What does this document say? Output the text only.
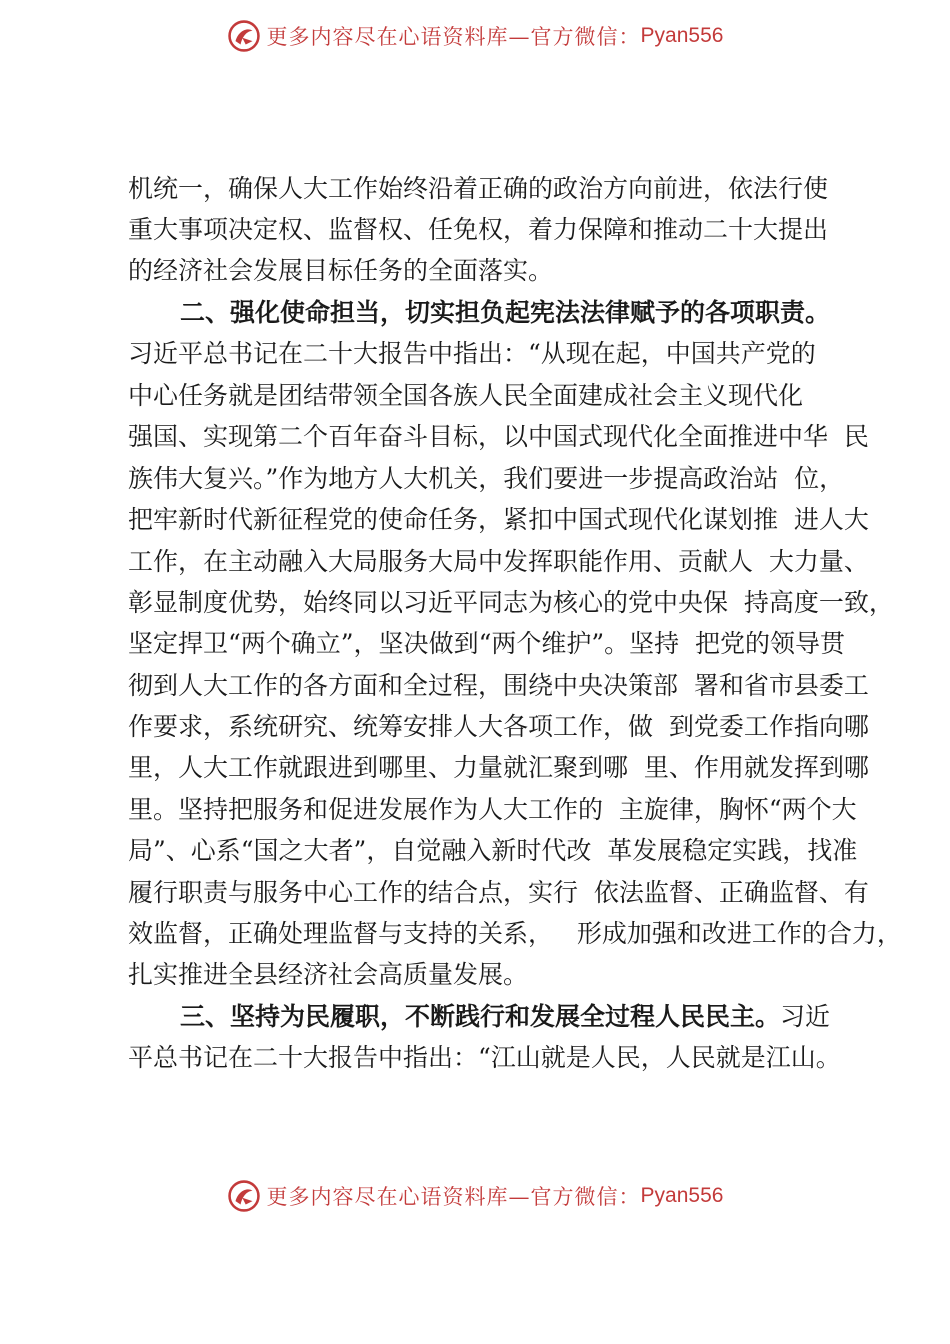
更多内容尽在心语资料库—官方微信： Pyan556
机统一，确保人大工作始终沿着正确的政治方向前进，依法行使
重大事项决定权、监督权、任免权，着力保障和推动二十大提出
的经济社会发展目标任务的全面落实。
二、强化使命担当，切实担负起宪法法律赋予的各项职责。
习近平总书记在二十大报告中指出：“从现在起，中国共产党的
中心任务就是团结带领全国各族人民全面建成社会主义现代化
强国、实现第二个百年奋斗目标，以中国式现代化全面推进中华  民
族伟大复兴。”作为地方人大机关，我们要进一步提高政治站  位，
把牢新时代新征程党的使命任务，紧扣中国式现代化谋划推  进人大
工作，在主动融入大局服务大局中发挥职能作用、贡献人  大力量、
彰显制度优势，始终同以习近平同志为核心的党中央保  持高度一致，
坚定捍卫“两个确立”，坚决做到“两个维护”。坚持  把党的领导贯
彻到人大工作的各方面和全过程，围绕中央决策部  署和省市县委工
作要求，系统研究、统筹安排人大各项工作，做  到党委工作指向哪
里，人大工作就跟进到哪里、力量就汇聚到哪  里、作用就发挥到哪
里。坚持把服务和促进发展作为人大工作的  主旋律，胸怀“两个大
局”、心系“国之大者”，自觉融入新时代改  革发展稳定实践，找准
履行职责与服务中心工作的结合点，实行  依法监督、正确监督、有
效监督，正确处理监督与支持的关系，   形成加强和改进工作的合力，
扎实推进全县经济社会高质量发展。
三、坚持为民履职，不断践行和发展全过程人民民主。习近
平总书记在二十大报告中指出：“江山就是人民，人民就是江山。
更多内容尽在心语资料库—官方微信： Pyan556
